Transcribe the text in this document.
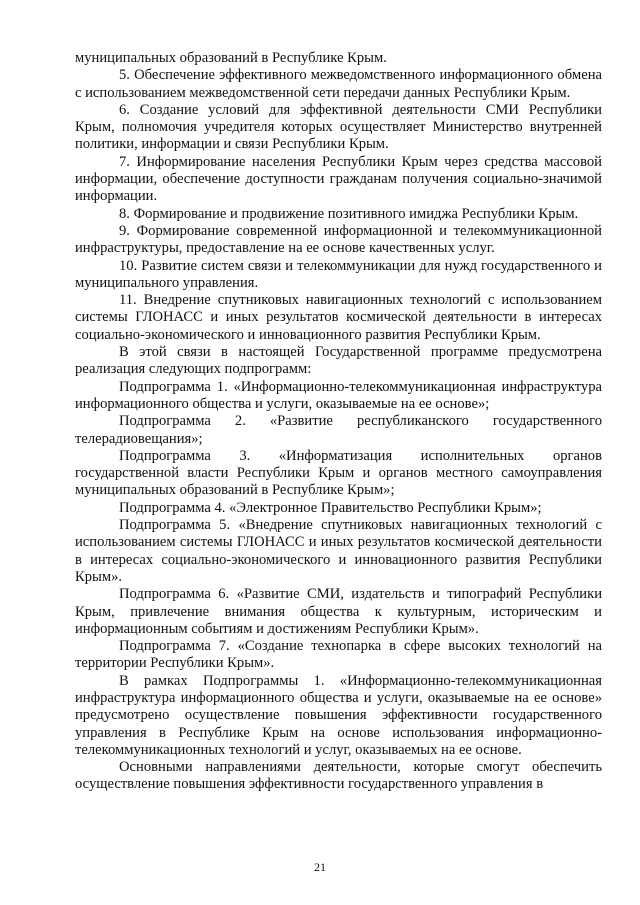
муниципальных образований в Республике Крым.

5. Обеспечение эффективного межведомственного информационного обмена с использованием межведомственной сети передачи данных Республики Крым.

6. Создание условий для эффективной деятельности СМИ Республики Крым, полномочия учредителя которых осуществляет Министерство внутренней политики, информации и связи Республики Крым.

7. Информирование населения Республики Крым через средства массовой информации, обеспечение доступности гражданам получения социально-значимой информации.

8. Формирование и продвижение позитивного имиджа Республики Крым.

9. Формирование современной информационной и телекоммуникационной инфраструктуры, предоставление на ее основе качественных услуг.

10. Развитие систем связи и телекоммуникации для нужд государственного и муниципального управления.

11. Внедрение спутниковых навигационных технологий с использованием системы ГЛОНАСС и иных результатов космической деятельности в интересах социально-экономического и инновационного развития Республики Крым.

В этой связи в настоящей Государственной программе предусмотрена реализация следующих подпрограмм:

Подпрограмма 1. «Информационно-телекоммуникационная инфраструктура информационного общества и услуги, оказываемые на ее основе»;

Подпрограмма 2. «Развитие республиканского государственного телерадиовещания»;

Подпрограмма 3. «Информатизация исполнительных органов государственной власти Республики Крым и органов местного самоуправления муниципальных образований в Республике Крым»;

Подпрограмма 4. «Электронное Правительство Республики Крым»;

Подпрограмма 5. «Внедрение спутниковых навигационных технологий с использованием системы ГЛОНАСС и иных результатов космической деятельности в интересах социально-экономического и инновационного развития Республики Крым».

Подпрограмма 6. «Развитие СМИ, издательств и типографий Республики Крым, привлечение внимания общества к культурным, историческим и информационным событиям и достижениям Республики Крым».

Подпрограмма 7. «Создание технопарка в сфере высоких технологий на территории Республики Крым».

В рамках Подпрограммы 1. «Информационно-телекоммуникационная инфраструктура информационного общества и услуги, оказываемые на ее основе» предусмотрено осуществление повышения эффективности государственного управления в Республике Крым на основе использования информационно-телекоммуникационных технологий и услуг, оказываемых на ее основе.

Основными направлениями деятельности, которые смогут обеспечить осуществление повышения эффективности государственного управления в

21
